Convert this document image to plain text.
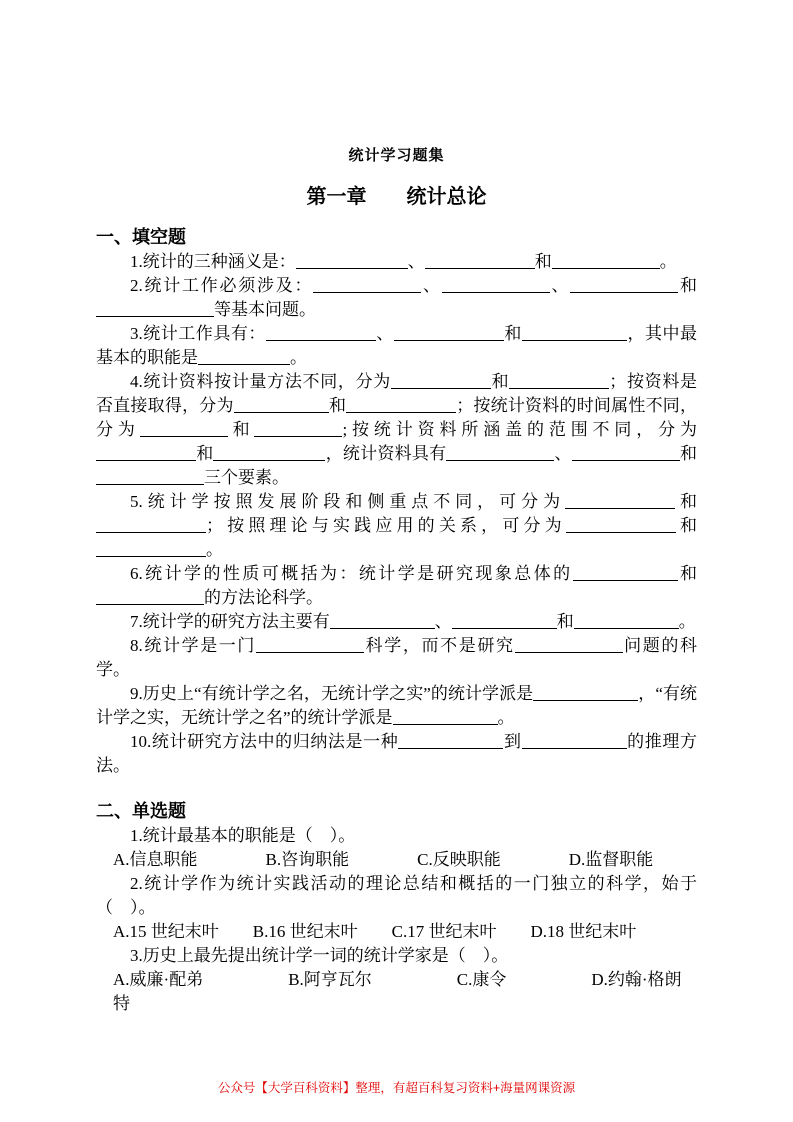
统计学习题集
第一章　　统计总论
一、填空题

1.统计的三种涵义是：	、	和	。

2.统计工作必须涉及：	、	、	和等基本问题。

3.统计工作具有：	、	和	，其中最基本的职能是	。

4.统计资料按计量方法不同，分为	和	；按资料是否直接取得，分为	和	；按统计资料的时间属性不同，分为	和	;按统计资料所涵盖的范围不同，分为和	，统计资料具有	、	和三个要素。

5.统计学按照发展阶段和侧重点不同，可分为	和；按照理论与实践应用的关系，可分为	和。

6.统计学的性质可概括为：统计学是研究现象总体的	和的方法论科学。

7.统计学的研究方法主要有	、	和	。

8.统计学是一门	科学，而不是研究	问题的科学。

9.历史上“有统计学之名，无统计学之实”的统计学派是	，“有统计学之实，无统计学之名”的统计学派是	。

10.统计研究方法中的归纳法是一种	到	的推理方法。

二、单选题

1.统计最基本的职能是（　）。

A.信息职能　　　　B.咨询职能　　　　C.反映职能　　　　D.监督职能

2.统计学作为统计实践活动的理论总结和概括的一门独立的科学，始于（　）。

A.15 世纪末叶　　B.16 世纪末叶　　C.17 世纪末叶　　D.18 世纪末叶

3.历史上最先提出统计学一词的统计学家是（　）。

A.威廉·配弟　　　　　B.阿亨瓦尔　　　　　C.康令　　　　　D.约翰·格朗特

公众号【大学百科资料】整理，有超百科复习资料+海量网课资源
